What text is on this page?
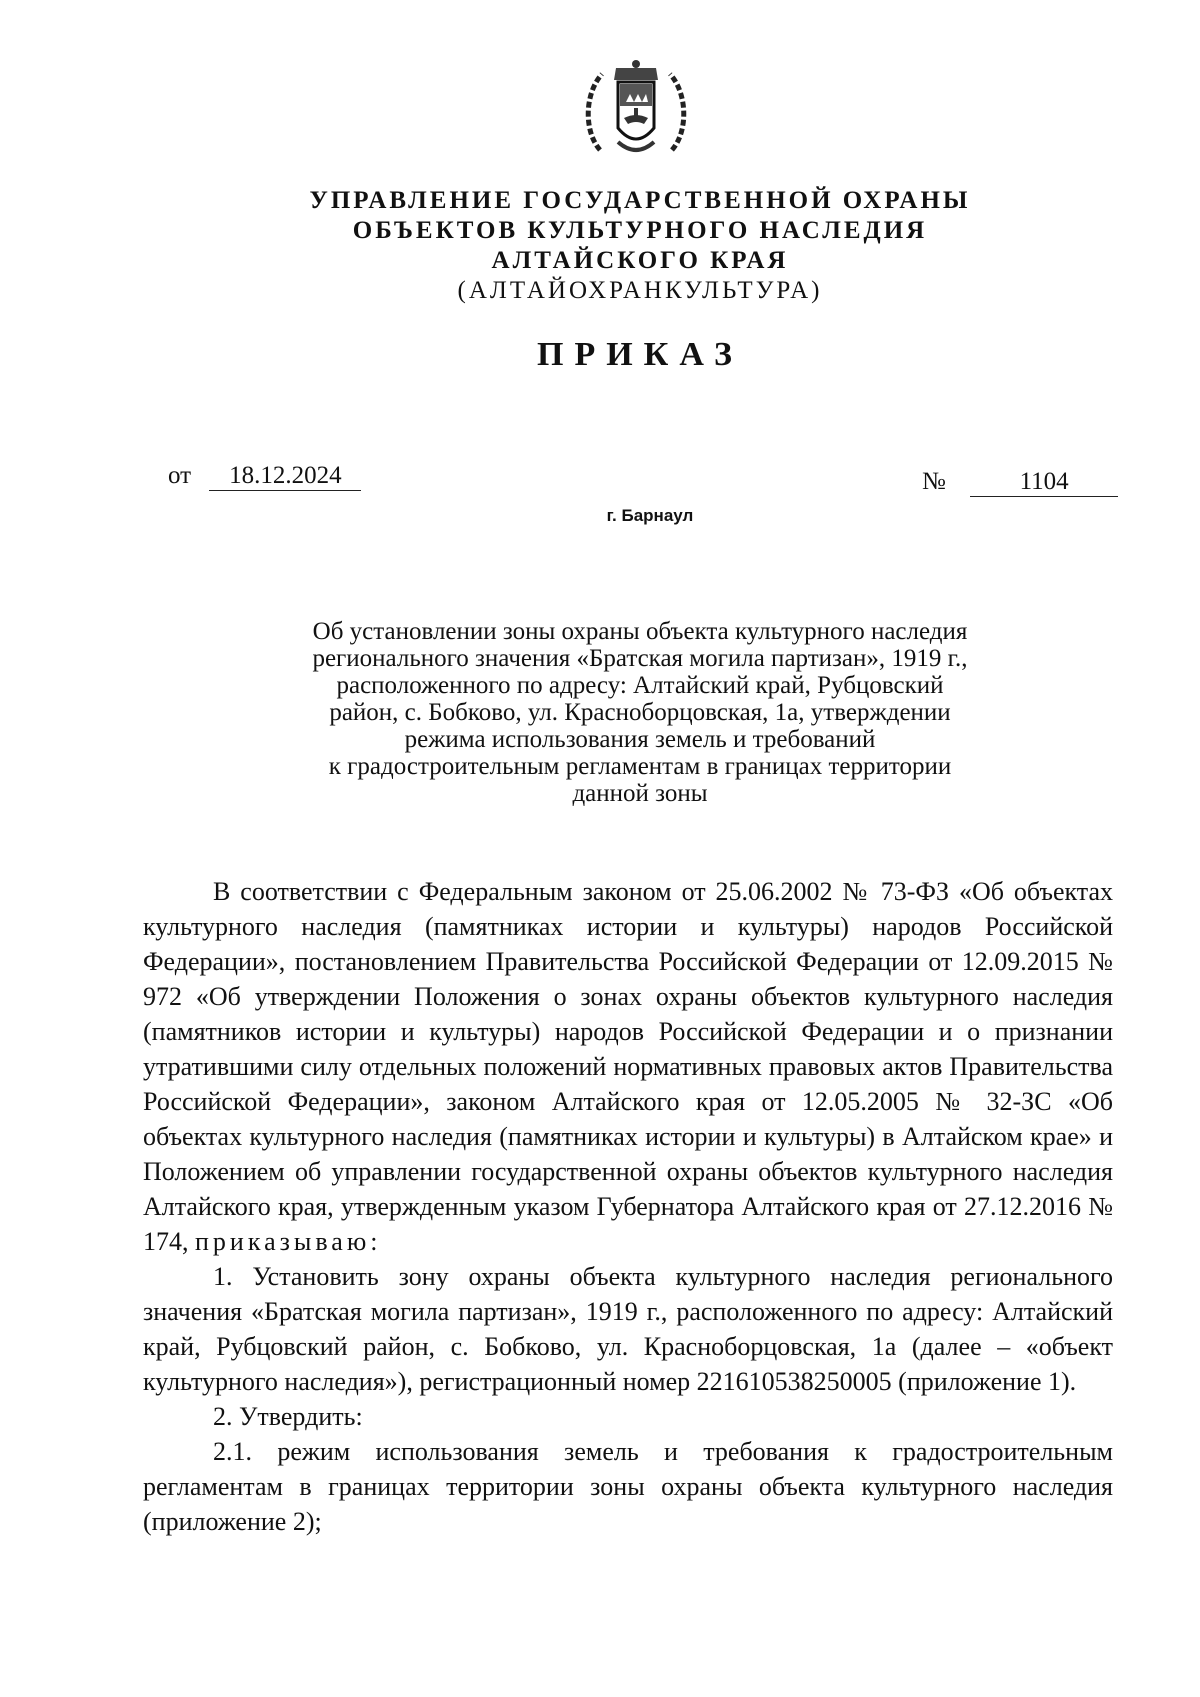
УПРАВЛЕНИЕ ГОСУДАРСТВЕННОЙ ОХРАНЫ
ОБЪЕКТОВ КУЛЬТУРНОГО НАСЛЕДИЯ
АЛТАЙСКОГО КРАЯ
(АЛТАЙОХРАНКУЛЬТУРА)
ПРИКАЗ
от 18.12.2024	№	1104
г. Барнаул
Об установлении зоны охраны объекта культурного наследия
регионального значения «Братская могила партизан», 1919 г.,
расположенного по адресу: Алтайский край, Рубцовский
район, с. Бобково, ул. Красноборцовская, 1а, утверждении
режима использования земель и требований
к градостроительным регламентам в границах территории
данной зоны

В соответствии с Федеральным законом от 25.06.2002 № 73-ФЗ «Об объектах культурного наследия (памятниках истории и культуры) народов Российской Федерации», постановлением Правительства Российской Федерации от 12.09.2015 № 972 «Об утверждении Положения о зонах охраны объектов культурного наследия (памятников истории и культуры) народов Российской Федерации и о признании утратившими силу отдельных положений нормативных правовых актов Правительства Российской Федерации», законом Алтайского края от 12.05.2005 № 32-ЗС «Об объектах культурного наследия (памятниках истории и культуры) в Алтайском крае» и Положением об управлении государственной охраны объектов культурного наследия Алтайского края, утвержденным указом Губернатора Алтайского края от 27.12.2016 № 174, приказываю:

1. Установить зону охраны объекта культурного наследия регионального значения «Братская могила партизан», 1919 г., расположенного по адресу: Алтайский край, Рубцовский район, с. Бобково, ул. Красноборцовская, 1а (далее – «объект культурного наследия»), регистрационный номер 221610538250005 (приложение 1).

2. Утвердить:

2.1. режим использования земель и требования к градостроительным регламентам в границах территории зоны охраны объекта культурного наследия (приложение 2);
